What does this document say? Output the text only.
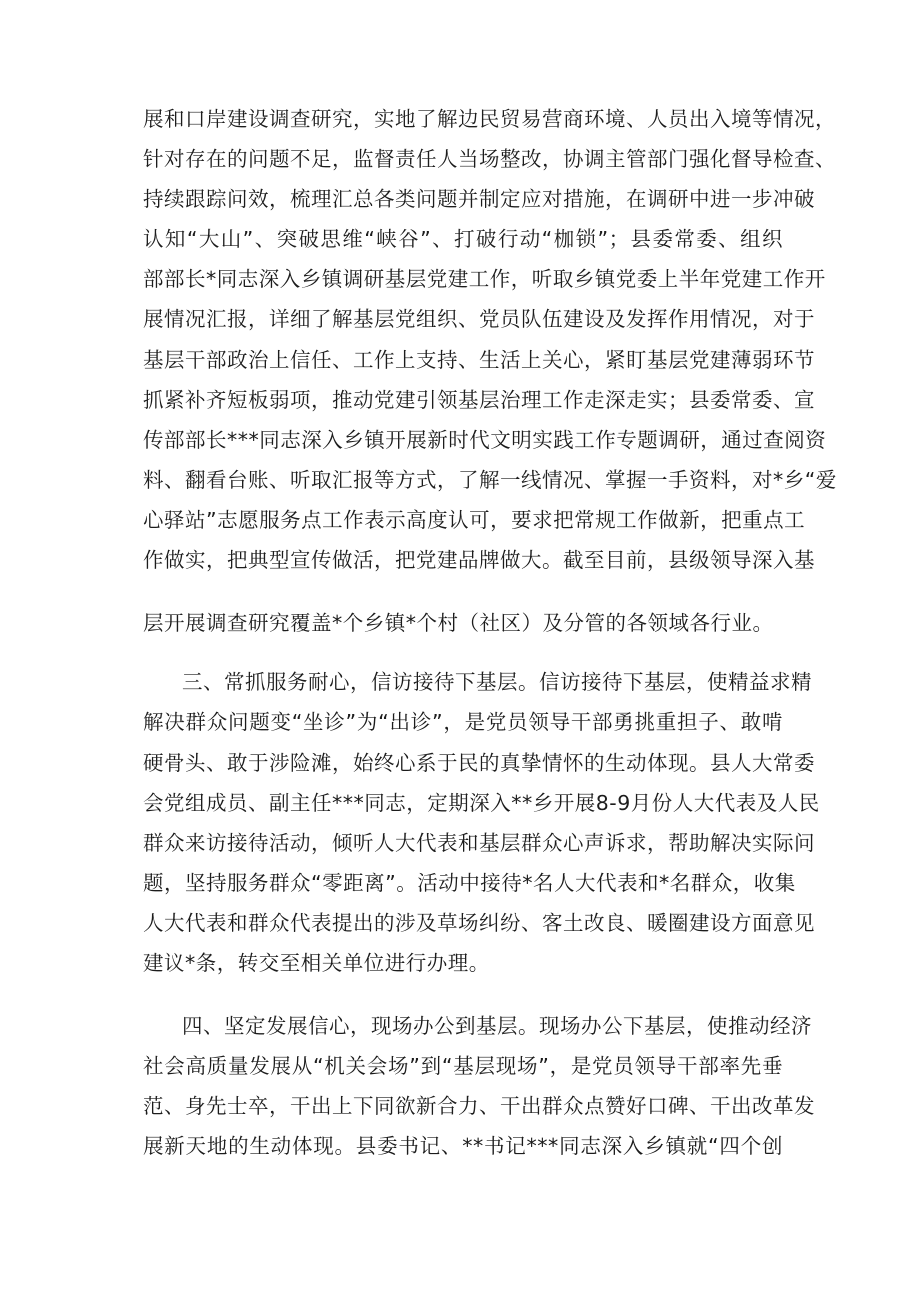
展和口岸建设调查研究，实地了解边民贸易营商环境、人员出入境等情况，
针对存在的问题不足，监督责任人当场整改，协调主管部门强化督导检查、
持续跟踪问效，梳理汇总各类问题并制定应对措施，在调研中进一步冲破
认知“大山”、突破思维“峡谷”、打破行动“枷锁”；县委常委、组织
部部长*同志深入乡镇调研基层党建工作，听取乡镇党委上半年党建工作开
展情况汇报，详细了解基层党组织、党员队伍建设及发挥作用情况，对于
基层干部政治上信任、工作上支持、生活上关心，紧盯基层党建薄弱环节
抓紧补齐短板弱项，推动党建引领基层治理工作走深走实；县委常委、宣
传部部长***同志深入乡镇开展新时代文明实践工作专题调研，通过查阅资
料、翻看台账、听取汇报等方式，了解一线情况、掌握一手资料，对*乡“爱
心驿站”志愿服务点工作表示高度认可，要求把常规工作做新，把重点工
作做实，把典型宣传做活，把党建品牌做大。截至目前，县级领导深入基
层开展调查研究覆盖*个乡镇*个村（社区）及分管的各领域各行业。
三、常抓服务耐心，信访接待下基层。信访接待下基层，使精益求精
解决群众问题变“坐诊”为“出诊”，是党员领导干部勇挑重担子、敢啃
硬骨头、敢于涉险滩，始终心系于民的真挚情怀的生动体现。县人大常委
会党组成员、副主任***同志，定期深入**乡开展8-9月份人大代表及人民
群众来访接待活动，倾听人大代表和基层群众心声诉求，帮助解决实际问
题，坚持服务群众“零距离”。活动中接待*名人大代表和*名群众，收集
人大代表和群众代表提出的涉及草场纠纷、客土改良、暖圈建设方面意见
建议*条，转交至相关单位进行办理。
四、坚定发展信心，现场办公到基层。现场办公下基层，使推动经济
社会高质量发展从“机关会场”到“基层现场”，是党员领导干部率先垂
范、身先士卒，干出上下同欲新合力、干出群众点赞好口碑、干出改革发
展新天地的生动体现。县委书记、**书记***同志深入乡镇就“四个创
